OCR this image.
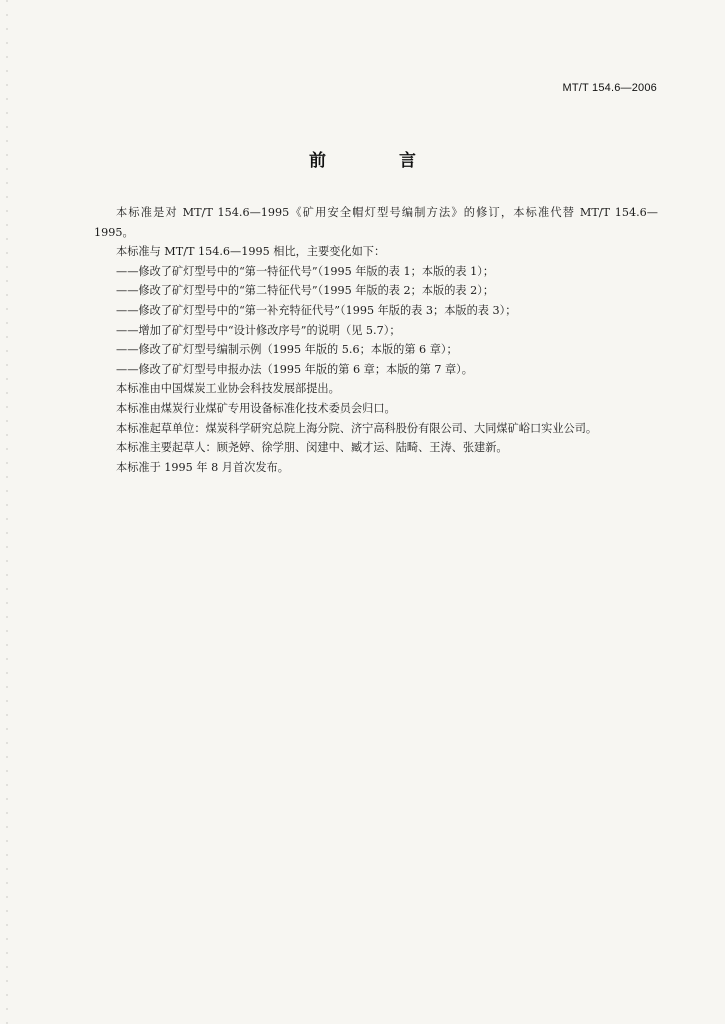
MT/T 154.6—2006
前　言

本标准是对 MT/T 154.6—1995《矿用安全帽灯型号编制方法》的修订，本标准代替 MT/T 154.6—1995。

本标准与 MT/T 154.6—1995 相比，主要变化如下：

——修改了矿灯型号中的“第一特征代号”（1995 年版的表 1；本版的表 1）；

——修改了矿灯型号中的“第二特征代号”（1995 年版的表 2；本版的表 2）；

——修改了矿灯型号中的“第一补充特征代号”（1995 年版的表 3；本版的表 3）；

——增加了矿灯型号中“设计修改序号”的说明（见 5.7）；

——修改了矿灯型号编制示例（1995 年版的 5.6；本版的第 6 章）；

——修改了矿灯型号申报办法（1995 年版的第 6 章；本版的第 7 章）。

本标准由中国煤炭工业协会科技发展部提出。

本标准由煤炭行业煤矿专用设备标准化技术委员会归口。

本标准起草单位：煤炭科学研究总院上海分院、济宁高科股份有限公司、大同煤矿峪口实业公司。

本标准主要起草人：顾尧婷、徐学朋、闵建中、臧才运、陆畸、王涛、张建新。

本标准于 1995 年 8 月首次发布。
